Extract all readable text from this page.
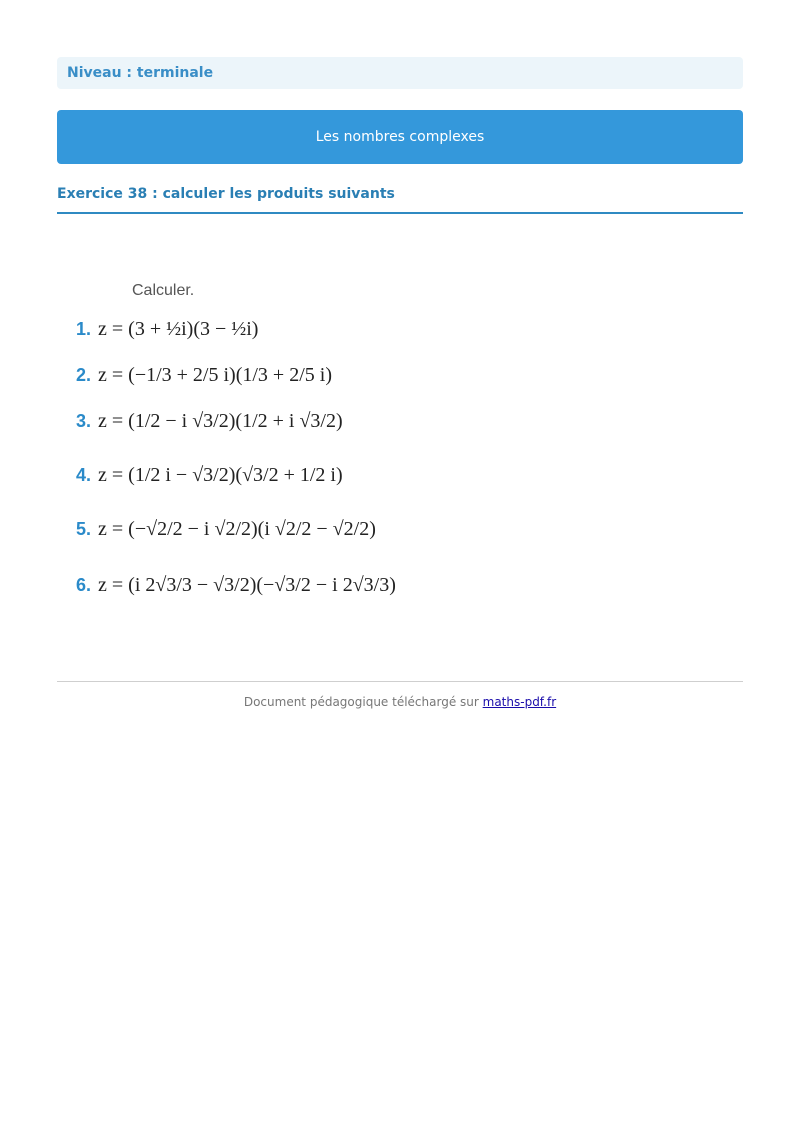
Niveau : terminale
Les nombres complexes
Exercice 38 : calculer les produits suivants
Calculer.
1. z = (3 + ½i)(3 − ½i)
2. z = (−1/3 + 2/5 i)(1/3 + 2/5 i)
3. z = (1/2 − i √3/2)(1/2 + i √3/2)
4. z = (1/2 i − √3/2)(√3/2 + 1/2 i)
5. z = (−√2/2 − i √2/2)(i √2/2 − √2/2)
6. z = (i 2√3/3 − √3/2)(−√3/2 − i 2√3/3)
Document pédagogique téléchargé sur maths-pdf.fr
